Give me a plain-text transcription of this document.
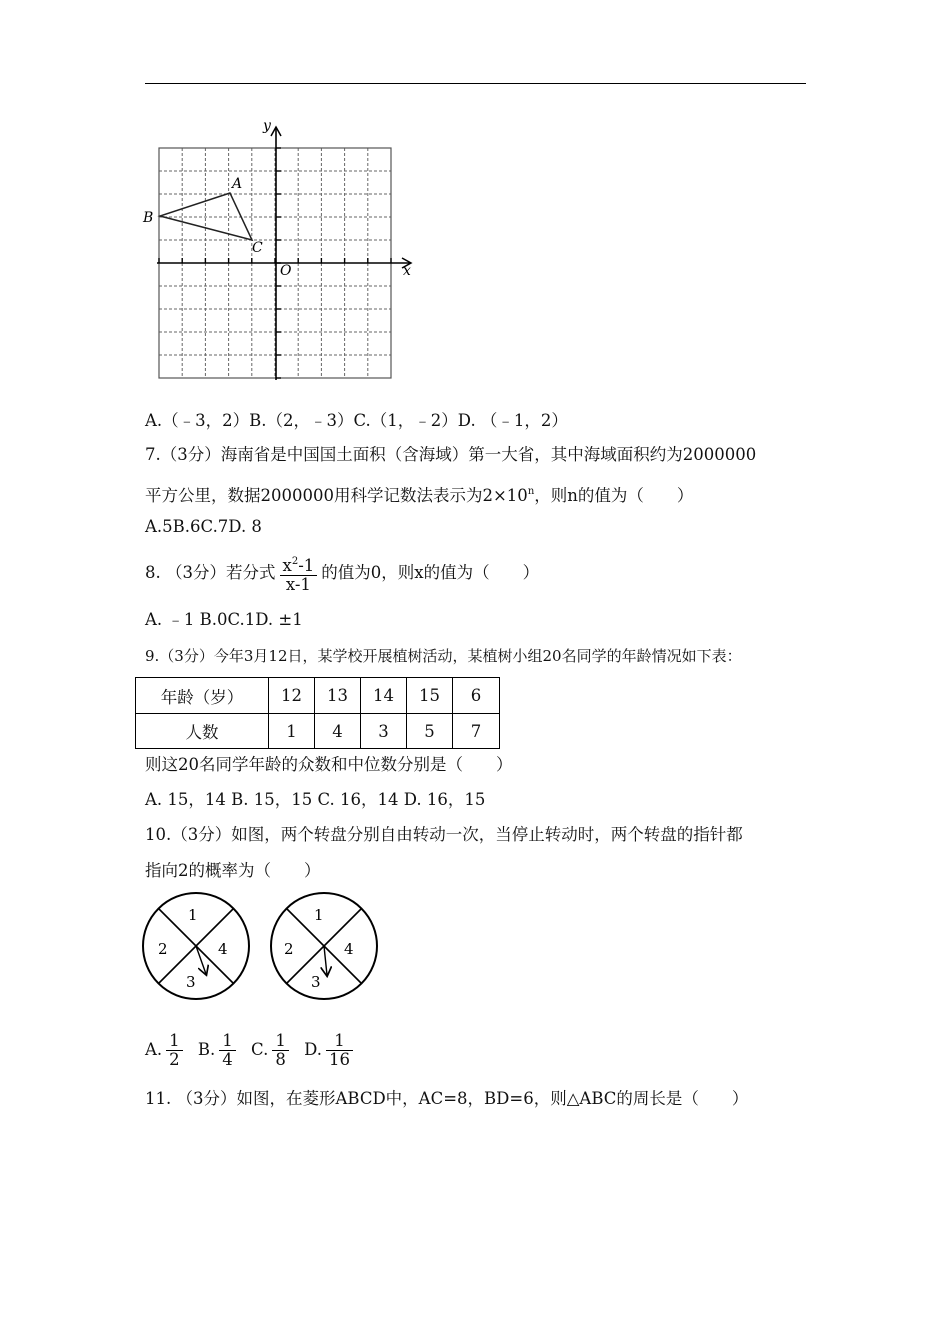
x
y
O
A
B
C
A.（﹣3，2）B.（2，﹣3）C.（1，﹣2）D. （﹣1，2）
7.（3分）海南省是中国国土面积（含海域）第一大省，其中海域面积约为2000000
平方公里，数据2000000用科学记数法表示为$2\times 10^n$，则n的值为（　　）
A.5B.6C.7D. 8
8. （3分）若分式 $\frac{x^2-1}{x-1}$ 的值为0，则x的值为（　　）
A. ﹣1 B.0C.1D. ±1
9.（3分）今年3月12日，某学校开展植树活动，某植树小组20名同学的年龄情况如下表：
年龄（岁）	12	13	14	15	6
人数	1	4	3	5	7
则这20名同学年龄的众数和中位数分别是（　　）
A. 15，14 B. 15，15 C. 16，14 D. 16，15
10.（3分）如图，两个转盘分别自由转动一次，当停止转动时，两个转盘的指针都
指向2的概率为（　　）
1
2
3
4
1
2
3
4
A. $\frac{1}{2} B$. $\frac{1}{4} C$. $\frac{1}{8} D$. $\frac{1}{16}$
11. （3分）如图，在菱形ABCD中，AC=8，BD=6，则△ABC的周长是（　　）
